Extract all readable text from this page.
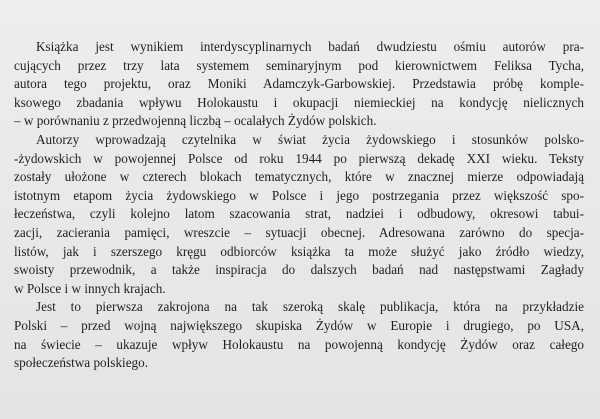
Książka jest wynikiem interdyscyplinarnych badań dwudziestu ośmiu autorów pra-
cujących przez trzy lata systemem seminaryjnym pod kierownictwem Feliksa Tycha,
autora tego projektu, oraz Moniki Adamczyk-Garbowskiej. Przedstawia próbę komple-
ksowego zbadania wpływu Holokaustu i okupacji niemieckiej na kondycję nielicznych
– w porównaniu z przedwojenną liczbą – ocalałych Żydów polskich.
Autorzy wprowadzają czytelnika w świat życia żydowskiego i stosunków polsko-
-żydowskich w powojennej Polsce od roku 1944 po pierwszą dekadę XXI wieku. Teksty
zostały ułożone w czterech blokach tematycznych, które w znacznej mierze odpowiadają
istotnym etapom życia żydowskiego w Polsce i jego postrzegania przez większość spo-
łeczeństwa, czyli kolejno latom szacowania strat, nadziei i odbudowy, okresowi tabui-
zacji, zacierania pamięci, wreszcie – sytuacji obecnej. Adresowana zarówno do specja-
listów, jak i szerszego kręgu odbiorców książka ta może służyć jako źródło wiedzy,
swoisty przewodnik, a także inspiracja do dalszych badań nad następstwami Zagłady
w Polsce i w innych krajach.
Jest to pierwsza zakrojona na tak szeroką skalę publikacja, która na przykładzie
Polski – przed wojną największego skupiska Żydów w Europie i drugiego, po USA,
na świecie – ukazuje wpływ Holokaustu na powojenną kondycję Żydów oraz całego
społeczeństwa polskiego.
